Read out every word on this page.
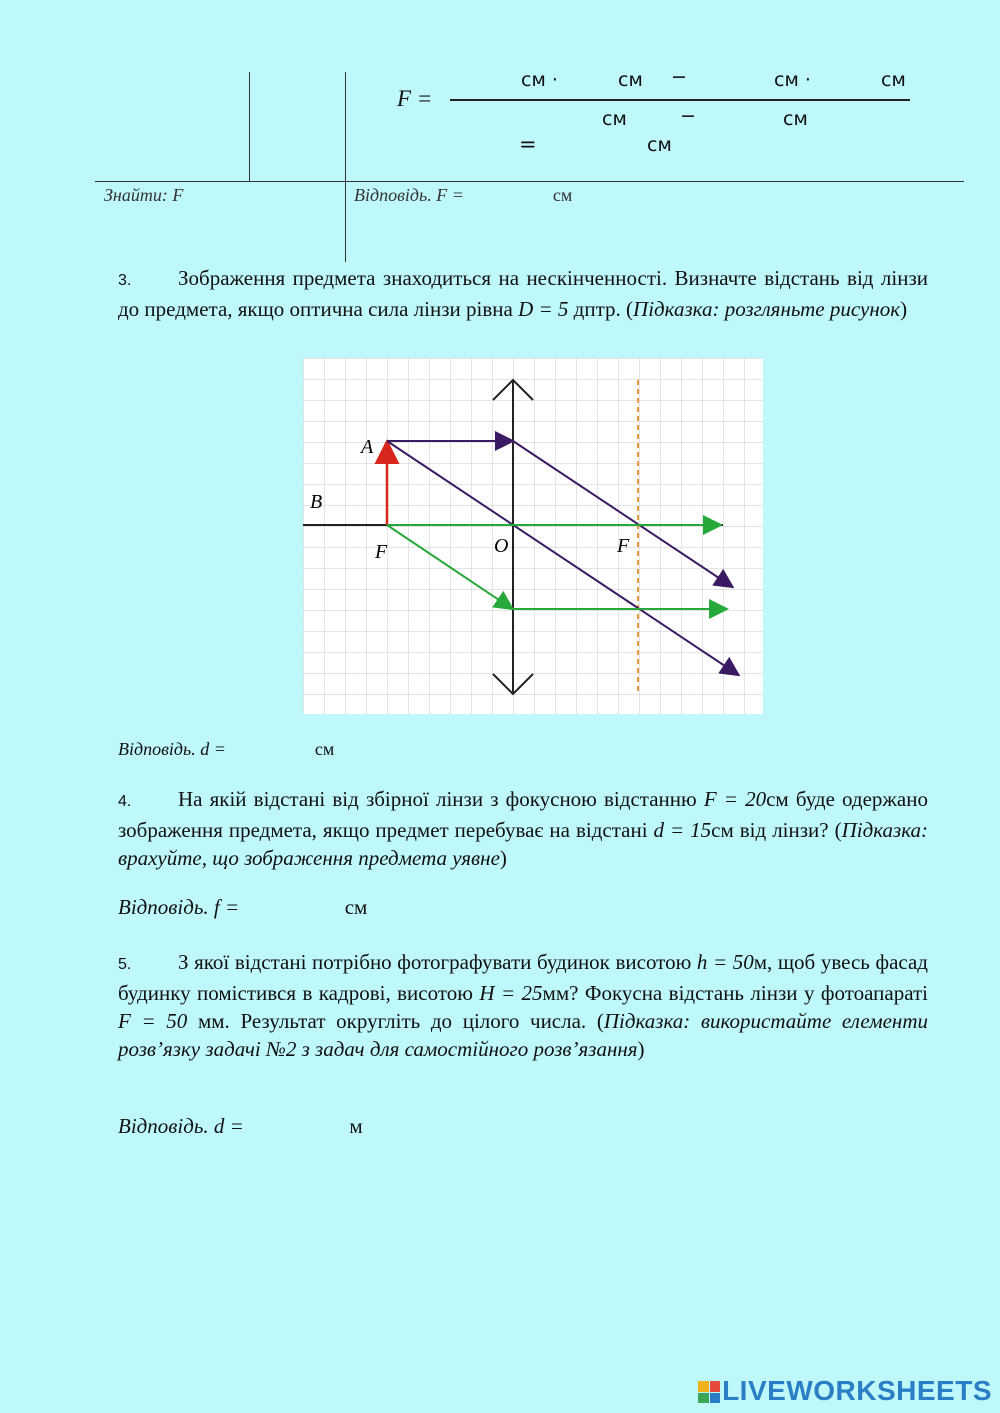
F =
см ·	см −	см ·	см
см	−	см
=	см
Знайти: F	Відповідь. F =	см
3. Зображення предмета знаходиться на нескінченності. Визначте відстань від лінзи до предмета, якщо оптична сила лінзи рівна D = 5 дптр. (Підказка: розгляньте рисунок)
A
B
F	O	F
Відповідь. d =	см
4. На якій відстані від збірної лінзи з фокусною відстанню F = 20см буде одержано зображення предмета, якщо предмет перебуває на відстані d = 15см від лінзи? (Підказка: врахуйте, що зображення предмета уявне)
Відповідь. f =	см
5. З якої відстані потрібно фотографувати будинок висотою h = 50м, щоб увесь фасад будинку помістився в кадрові, висотою H = 25мм? Фокусна відстань лінзи у фотоапараті F = 50 мм. Результат округліть до цілого числа. (Підказка: використайте елементи розв’язку задачі №2 з задач для самостійного розв’язання)
Відповідь. d =	м
LIVEWORKSHEETS
